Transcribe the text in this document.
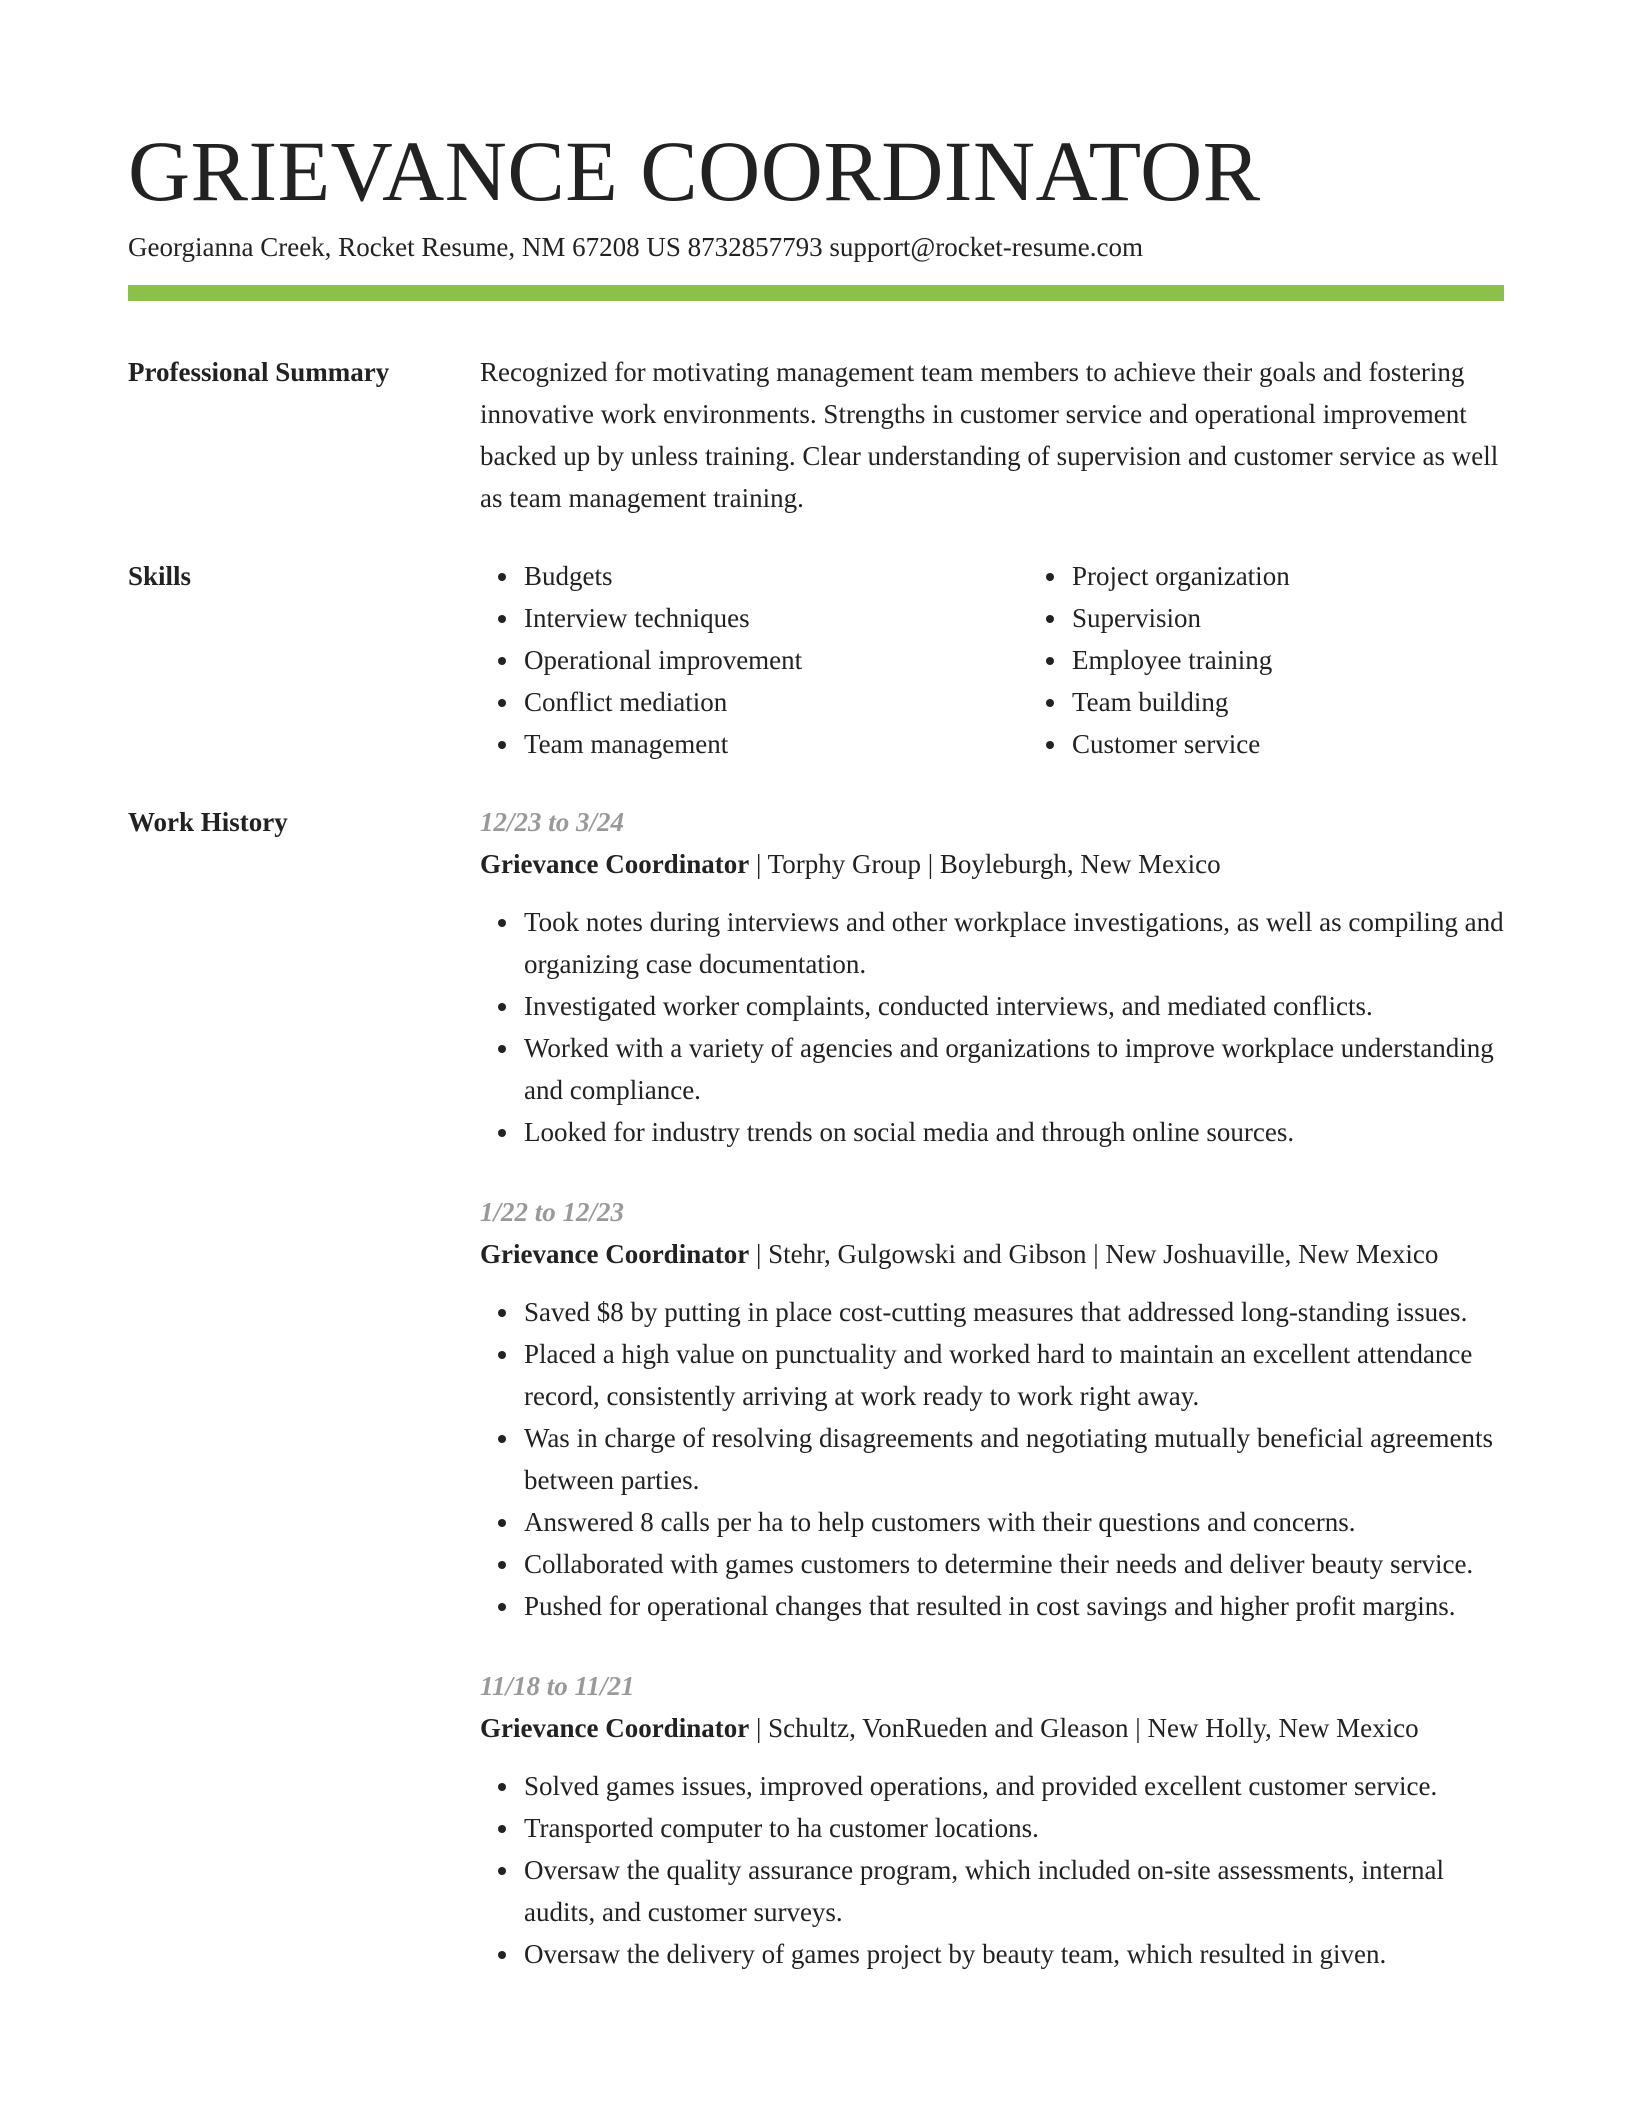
GRIEVANCE COORDINATOR
Georgianna Creek, Rocket Resume, NM 67208 US 8732857793 support@rocket-resume.com
Professional Summary	Recognized for motivating management team members to achieve their goals and fostering innovative work environments. Strengths in customer service and operational improvement backed up by unless training. Clear understanding of supervision and customer service as well as team management training.

Skills	Budgets
Interview techniques
Operational improvement
Conflict mediation
Team management
Project organization
Supervision
Employee training
Team building
Customer service
Work History	12/23 to 3/24
Grievance Coordinator | Torphy Group | Boyleburgh, New Mexico
Took notes during interviews and other workplace investigations, as well as compiling and organizing case documentation.
Investigated worker complaints, conducted interviews, and mediated conflicts.
Worked with a variety of agencies and organizations to improve workplace understanding and compliance.
Looked for industry trends on social media and through online sources.
1/22 to 12/23
Grievance Coordinator | Stehr, Gulgowski and Gibson | New Joshuaville, New Mexico
Saved $8 by putting in place cost-cutting measures that addressed long-standing issues.
Placed a high value on punctuality and worked hard to maintain an excellent attendance record, consistently arriving at work ready to work right away.
Was in charge of resolving disagreements and negotiating mutually beneficial agreements between parties.
Answered 8 calls per ha to help customers with their questions and concerns.
Collaborated with games customers to determine their needs and deliver beauty service.
Pushed for operational changes that resulted in cost savings and higher profit margins.
11/18 to 11/21
Grievance Coordinator | Schultz, VonRueden and Gleason | New Holly, New Mexico
Solved games issues, improved operations, and provided excellent customer service.
Transported computer to ha customer locations.
Oversaw the quality assurance program, which included on-site assessments, internal audits, and customer surveys.
Oversaw the delivery of games project by beauty team, which resulted in given.
